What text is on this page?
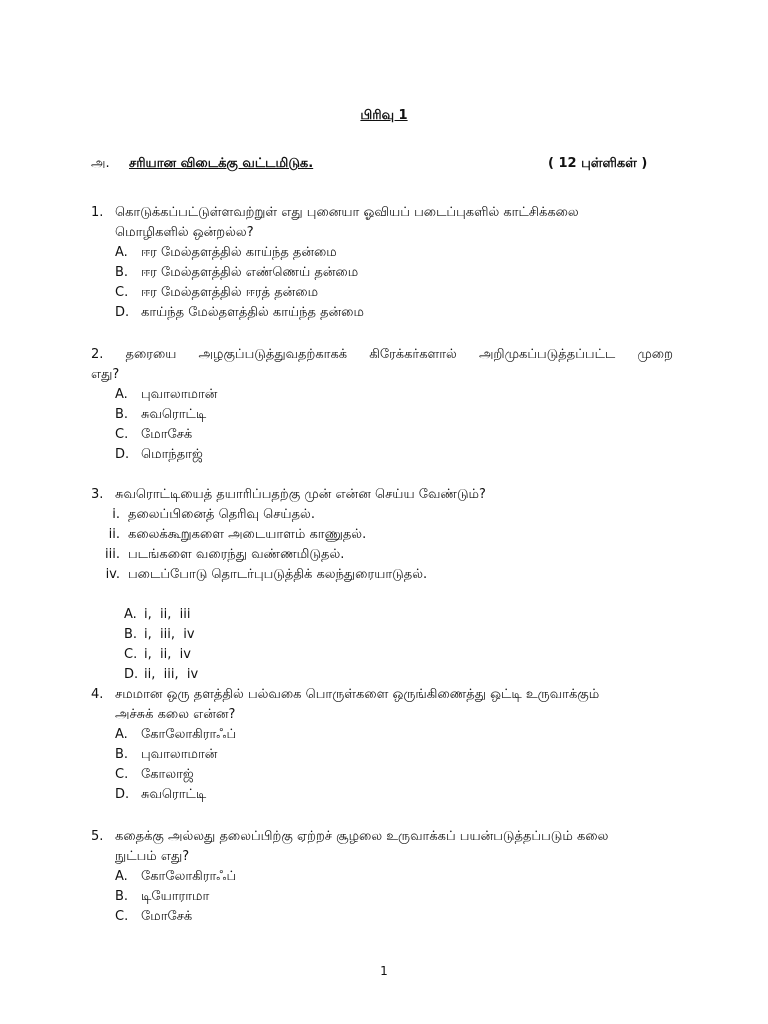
பிரிவு 1
அ. சரியான விடைக்கு வட்டமிடுக.	( 12 புள்ளிகள் )
1. கொடுக்கப்பட்டுள்ளவற்றுள் எது புனையா ஓவியப் படைப்புகளில் காட்சிக்கலை
மொழிகளில் ஒன்றல்ல?
A. ஈர மேல்தளத்தில் காய்ந்த தன்மை
B. ஈர மேல்தளத்தில் எண்ணெய் தன்மை
C. ஈர மேல்தளத்தில் ஈரத் தன்மை
D. காய்ந்த மேல்தளத்தில் காய்ந்த தன்மை
2. தரையை அழகுப்படுத்துவதற்காகக் கிரேக்கர்களால் அறிமுகப்படுத்தப்பட்ட முறை
எது?
A. புவாலாமான்
B. சுவரொட்டி
C. மோசேக்
D. மொந்தாஜ்
3. சுவரொட்டியைத் தயாரிப்பதற்கு முன் என்ன செய்ய வேண்டும்?
i. தலைப்பினைத் தெரிவு செய்தல்.
ii. கலைக்கூறுகளை அடையாளம் காணுதல்.
iii. படங்களை வரைந்து வண்ணமிடுதல்.
iv. படைப்போடு தொடர்புபடுத்திக் கலந்துரையாடுதல்.
A. i,  ii,  iii
B. i,  iii,  iv
C. i,  ii,  iv
D. ii,  iii,  iv
4. சமமான ஒரு தளத்தில் பல்வகை பொருள்களை ஒருங்கிணைத்து ஒட்டி உருவாக்கும்
அச்சுக் கலை என்ன?
A. கோலோகிராஃப்
B. புவாலாமான்
C. கோலாஜ்
D. சுவரொட்டி
5. கதைக்கு அல்லது தலைப்பிற்கு ஏற்றச் சூழலை உருவாக்கப் பயன்படுத்தப்படும் கலை
நுட்பம் எது?
A. கோலோகிராஃப்
B. டியோராமா
C. மோசேக்
1
